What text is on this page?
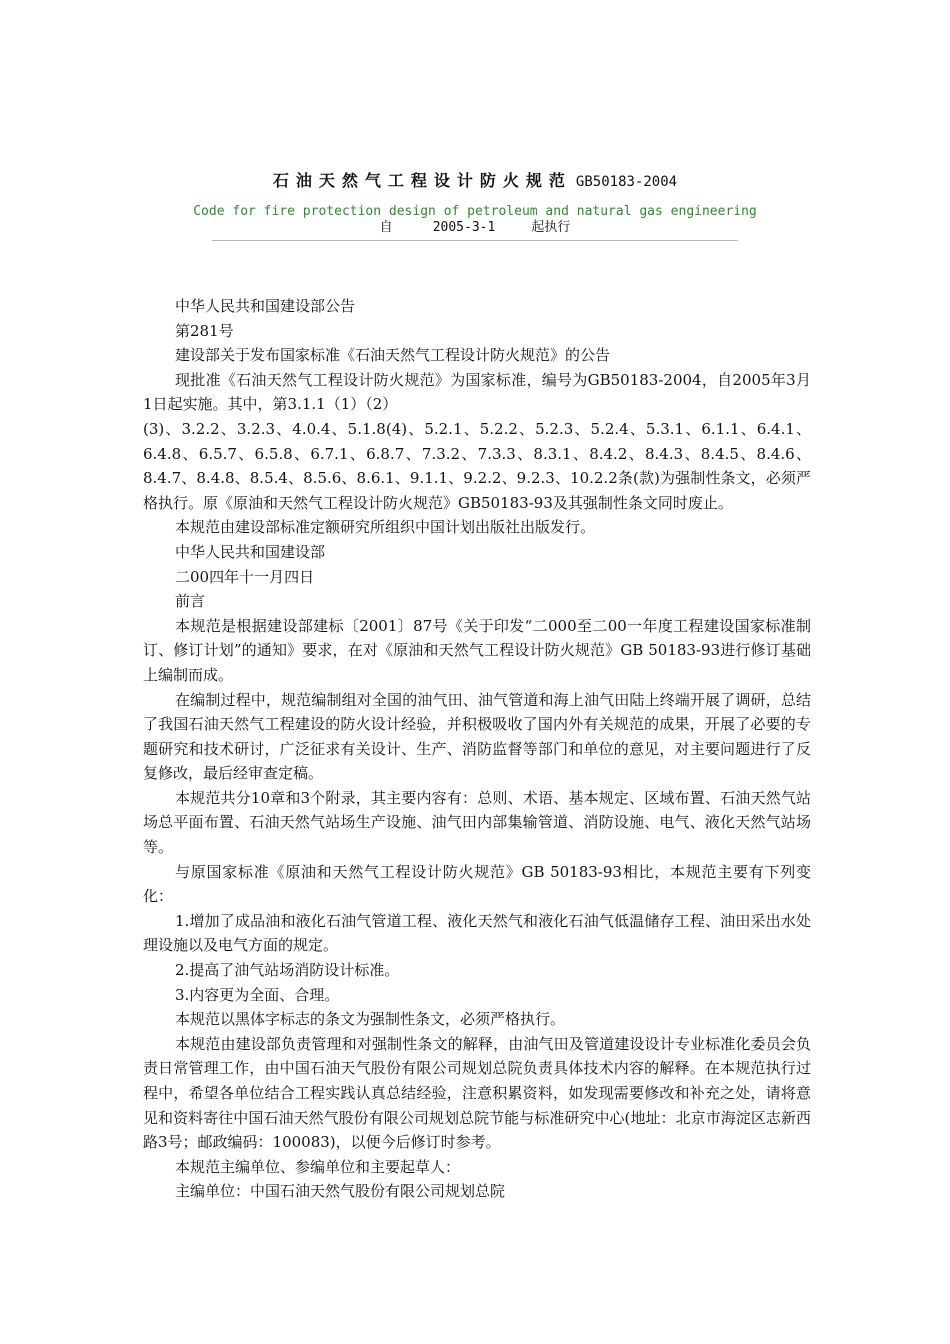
石油天然气工程设计防火规范 GB50183-2004
Code for fire protection design of petroleum and natural gas engineering
自	2005-3-1	起执行

中华人民共和国建设部公告

第281号

建设部关于发布国家标准《石油天然气工程设计防火规范》的公告

现批准《石油天然气工程设计防火规范》为国家标准，编号为GB50183-2004，自2005年3月1日起实施。其中，第3.1.1（1）（2）

(3)、3.2.2、3.2.3、4.0.4、5.1.8(4)、5.2.1、5.2.2、5.2.3、5.2.4、5.3.1、6.1.1、6.4.1、6.4.8、6.5.7、6.5.8、6.7.1、6.8.7、7.3.2、7.3.3、8.3.1、8.4.2、8.4.3、8.4.5、8.4.6、8.4.7、8.4.8、8.5.4、8.5.6、8.6.1、9.1.1、9.2.2、9.2.3、10.2.2条(款)为强制性条文，必须严格执行。原《原油和天然气工程设计防火规范》GB50183-93及其强制性条文同时废止。

本规范由建设部标准定额研究所组织中国计划出版社出版发行。

中华人民共和国建设部

二00四年十一月四日

前言

本规范是根据建设部建标〔2001〕87号《关于印发“二000至二00一年度工程建设国家标准制订、修订计划”的通知》要求，在对《原油和天然气工程设计防火规范》GB 50183-93进行修订基础上编制而成。

在编制过程中，规范编制组对全国的油气田、油气管道和海上油气田陆上终端开展了调研，总结了我国石油天然气工程建设的防火设计经验，并积极吸收了国内外有关规范的成果，开展了必要的专题研究和技术研讨，广泛征求有关设计、生产、消防监督等部门和单位的意见，对主要问题进行了反复修改，最后经审查定稿。

本规范共分10章和3个附录，其主要内容有：总则、术语、基本规定、区域布置、石油天然气站场总平面布置、石油天然气站场生产设施、油气田内部集输管道、消防设施、电气、液化天然气站场等。

与原国家标准《原油和天然气工程设计防火规范》GB 50183-93相比，本规范主要有下列变化：

1.增加了成品油和液化石油气管道工程、液化天然气和液化石油气低温储存工程、油田采出水处理设施以及电气方面的规定。

2.提高了油气站场消防设计标准。

3.内容更为全面、合理。

本规范以黑体字标志的条文为强制性条文，必须严格执行。

本规范由建设部负责管理和对强制性条文的解释，由油气田及管道建设设计专业标准化委员会负责日常管理工作，由中国石油天气股份有限公司规划总院负责具体技术内容的解释。在本规范执行过程中，希望各单位结合工程实践认真总结经验，注意积累资料，如发现需要修改和补充之处，请将意见和资料寄往中国石油天然气股份有限公司规划总院节能与标准研究中心(地址：北京市海淀区志新西路3号；邮政编码：100083)，以便今后修订时参考。

本规范主编单位、参编单位和主要起草人：

主编单位：中国石油天然气股份有限公司规划总院
